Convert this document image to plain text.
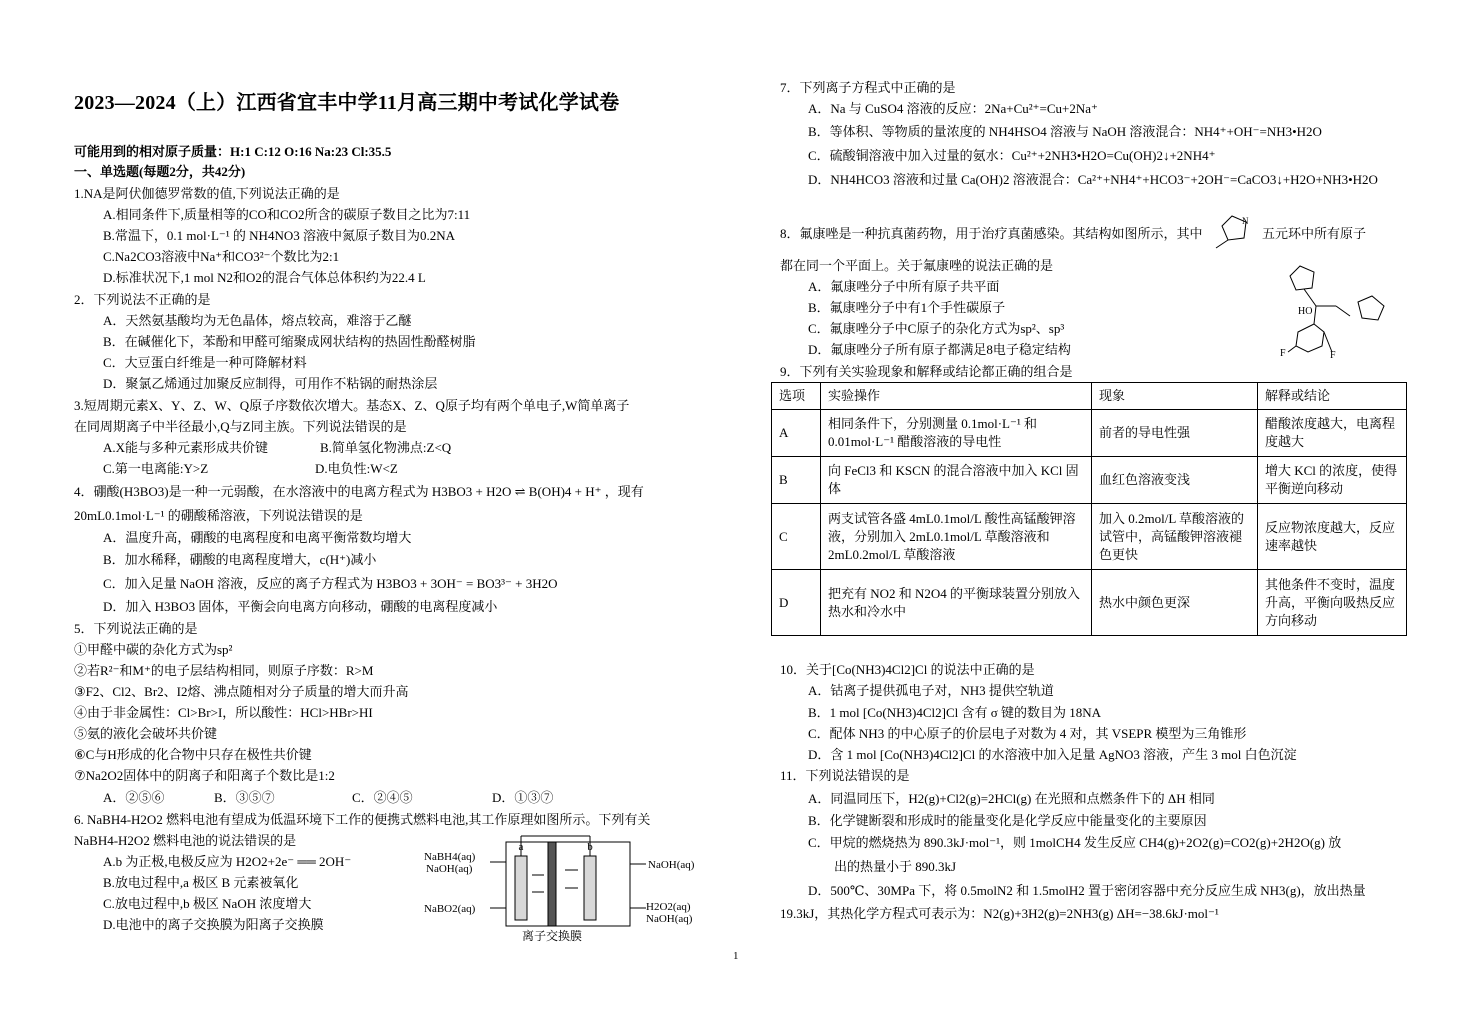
2023—2024（上）江西省宜丰中学11月高三期中考试化学试卷
可能用到的相对原子质量：H:1 C:12 O:16 Na:23 Cl:35.5
一、单选题(每题2分，共42分)
1.NA是阿伏伽德罗常数的值,下列说法正确的是
A.相同条件下,质量相等的CO和CO2所含的碳原子数目之比为7:11
B.常温下，0.1 mol·L⁻¹ 的 NH4NO3 溶液中氮原子数目为0.2NA
C.Na2CO3溶液中Na⁺和CO3²⁻个数比为2:1
D.标准状况下,1 mol N2和O2的混合气体总体积约为22.4 L
2．下列说法不正确的是
A．天然氨基酸均为无色晶体，熔点较高，难溶于乙醚
B．在碱催化下，苯酚和甲醛可缩聚成网状结构的热固性酚醛树脂
C．大豆蛋白纤维是一种可降解材料
D．聚氯乙烯通过加聚反应制得，可用作不粘锅的耐热涂层
3.短周期元素X、Y、Z、W、Q原子序数依次增大。基态X、Z、Q原子均有两个单电子,W简单离子
在同周期离子中半径最小,Q与Z同主族。下列说法错误的是
A.X能与多种元素形成共价键	B.简单氢化物沸点:Z<Q
C.第一电离能:Y>Z	D.电负性:W<Z
4．硼酸(H3BO3)是一种一元弱酸，在水溶液中的电离方程式为 H3BO3 + H2O ⇌ B(OH)4 + H⁺ ，现有
20mL0.1mol·L⁻¹ 的硼酸稀溶液，下列说法错误的是
A．温度升高，硼酸的电离程度和电离平衡常数均增大
B．加水稀释，硼酸的电离程度增大，c(H⁺)减小
C．加入足量 NaOH 溶液，反应的离子方程式为 H3BO3 + 3OH⁻ = BO3³⁻ + 3H2O
D．加入 H3BO3 固体，平衡会向电离方向移动，硼酸的电离程度减小
5．下列说法正确的是
①甲醛中碳的杂化方式为sp²
②若R²⁻和M⁺的电子层结构相同，则原子序数：R>M
③F2、Cl2、Br2、I2熔、沸点随相对分子质量的增大而升高
④由于非金属性：Cl>Br>I，所以酸性：HCl>HBr>HI
⑤氨的液化会破坏共价键
⑥C与H形成的化合物中只存在极性共价键
⑦Na2O2固体中的阴离子和阳离子个数比是1:2
A．②⑤⑥	B．③⑤⑦	C．②④⑤	D．①③⑦
6. NaBH4-H2O2 燃料电池有望成为低温环境下工作的便携式燃料电池,其工作原理如图所示。下列有关
NaBH4-H2O2 燃料电池的说法错误的是
A.b 为正极,电极反应为 H2O2+2e⁻ ══ 2OH⁻
B.放电过程中,a 极区 B 元素被氧化
C.放电过程中,b 极区 NaOH 浓度增大
D.电池中的离子交换膜为阳离子交换膜
a	b
NaBH4(aq)
NaOH(aq)
NaBO2(aq)
NaOH(aq)
H2O2(aq)
NaOH(aq)
离子交换膜
7．下列离子方程式中正确的是
A．Na 与 CuSO4 溶液的反应：2Na+Cu²⁺=Cu+2Na⁺
B．等体积、等物质的量浓度的 NH4HSO4 溶液与 NaOH 溶液混合：NH4⁺+OH⁻=NH3•H2O
C．硫酸铜溶液中加入过量的氨水：Cu²⁺+2NH3•H2O=Cu(OH)2↓+2NH4⁺
D．NH4HCO3 溶液和过量 Ca(OH)2 溶液混合：Ca²⁺+NH4⁺+HCO3⁻+2OH⁻=CaCO3↓+H2O+NH3•H2O
8．氟康唑是一种抗真菌药物，用于治疗真菌感染。其结构如图所示，其中
N
五元环中所有原子
都在同一个平面上。关于氟康唑的说法正确的是
A．氟康唑分子中所有原子共平面
B．氟康唑分子中有1个手性碳原子
C．氟康唑分子中C原子的杂化方式为sp²、sp³
D．氟康唑分子所有原子都满足8电子稳定结构
HO
F	F
9．下列有关实验现象和解释或结论都正确的组合是
选项	实验操作	现象	解释或结论
A	相同条件下，分别测量 0.1mol·L⁻¹ 和 0.01mol·L⁻¹ 醋酸溶液的导电性	前者的导电性强	醋酸浓度越大，电离程度越大
B	向 FeCl3 和 KSCN 的混合溶液中加入 KCl 固体	血红色溶液变浅	增大 KCl 的浓度，使得平衡逆向移动
C	两支试管各盛 4mL0.1mol/L 酸性高锰酸钾溶液，分别加入 2mL0.1mol/L 草酸溶液和 2mL0.2mol/L 草酸溶液	加入 0.2mol/L 草酸溶液的试管中，高锰酸钾溶液褪色更快	反应物浓度越大，反应速率越快
D	把充有 NO2 和 N2O4 的平衡球装置分别放入热水和冷水中	热水中颜色更深	其他条件不变时，温度升高，平衡向吸热反应方向移动
10．关于[Co(NH3)4Cl2]Cl 的说法中正确的是
A．钴离子提供孤电子对，NH3 提供空轨道
B．1 mol [Co(NH3)4Cl2]Cl 含有 σ 键的数目为 18NA
C．配体 NH3 的中心原子的价层电子对数为 4 对，其 VSEPR 模型为三角锥形
D．含 1 mol [Co(NH3)4Cl2]Cl 的水溶液中加入足量 AgNO3 溶液，产生 3 mol 白色沉淀
11．下列说法错误的是
A．同温同压下，H2(g)+Cl2(g)=2HCl(g) 在光照和点燃条件下的 ΔH 相同
B．化学键断裂和形成时的能量变化是化学反应中能量变化的主要原因
C．甲烷的燃烧热为 890.3kJ·mol⁻¹，则 1molCH4 发生反应 CH4(g)+2O2(g)=CO2(g)+2H2O(g) 放
出的热量小于 890.3kJ
D．500℃、30MPa 下，将 0.5molN2 和 1.5molH2 置于密闭容器中充分反应生成 NH3(g)，放出热量
19.3kJ，其热化学方程式可表示为：N2(g)+3H2(g)=2NH3(g) ΔH=−38.6kJ·mol⁻¹
1
